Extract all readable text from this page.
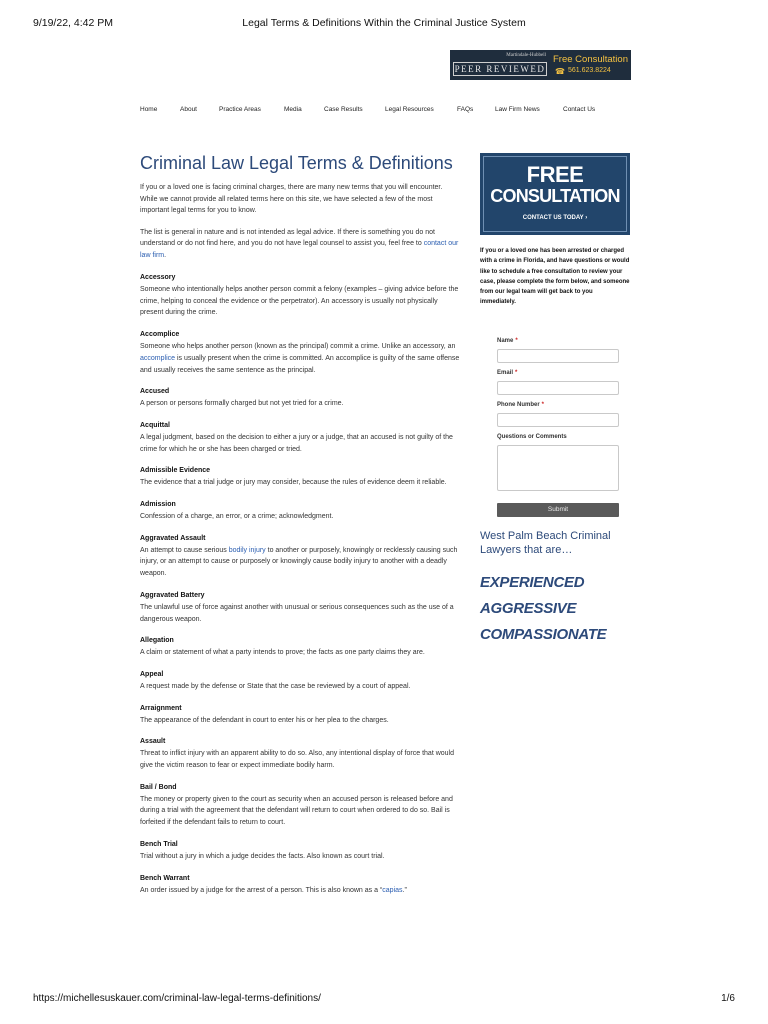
9/19/22, 4:42 PM	Legal Terms & Definitions Within the Criminal Justice System
Martindale-Hubbell
PEER REVIEWED
Free Consultation
☎ 561.623.8224
Home	About	Practice Areas	Media	Case Results	Legal Resources	FAQs	Law Firm News	Contact Us
Criminal Law Legal Terms & Definitions

If you or a loved one is facing criminal charges, there are many new terms that you will encounter. While we cannot provide all related terms here on this site, we have selected a few of the most important legal terms for you to know.

The list is general in nature and is not intended as legal advice. If there is something you do not understand or do not find here, and you do not have legal counsel to assist you, feel free to contact our law firm.

Accessory

Someone who intentionally helps another person commit a felony (examples – giving advice before the crime, helping to conceal the evidence or the perpetrator). An accessory is usually not physically present during the crime.

Accomplice

Someone who helps another person (known as the principal) commit a crime. Unlike an accessory, an accomplice is usually present when the crime is committed. An accomplice is guilty of the same offense and usually receives the same sentence as the principal.

Accused

A person or persons formally charged but not yet tried for a crime.

Acquittal

A legal judgment, based on the decision to either a jury or a judge, that an accused is not guilty of the crime for which he or she has been charged or tried.

Admissible Evidence

The evidence that a trial judge or jury may consider, because the rules of evidence deem it reliable.

Admission

Confession of a charge, an error, or a crime; acknowledgment.

Aggravated Assault

An attempt to cause serious bodily injury to another or purposely, knowingly or recklessly causing such injury, or an attempt to cause or purposely or knowingly cause bodily injury to another with a deadly weapon.

Aggravated Battery

The unlawful use of force against another with unusual or serious consequences such as the use of a dangerous weapon.

Allegation

A claim or statement of what a party intends to prove; the facts as one party claims they are.

Appeal

A request made by the defense or State that the case be reviewed by a court of appeal.

Arraignment

The appearance of the defendant in court to enter his or her plea to the charges.

Assault

Threat to inflict injury with an apparent ability to do so. Also, any intentional display of force that would give the victim reason to fear or expect immediate bodily harm.

Bail / Bond

The money or property given to the court as security when an accused person is released before and during a trial with the agreement that the defendant will return to court when ordered to do so. Bail is forfeited if the defendant fails to return to court.

Bench Trial

Trial without a jury in which a judge decides the facts. Also known as court trial.

Bench Warrant

An order issued by a judge for the arrest of a person. This is also known as a “capias.”

FREE
CONSULTATION
CONTACT US TODAY ›
If you or a loved one has been arrested or charged with a crime in Florida, and have questions or would like to schedule a free consultation to review your case, please complete the form below, and someone from our legal team will get back to you immediately.
Name *
Email *
Phone Number *
Questions or Comments
Submit
West Palm Beach Criminal Lawyers that are…
EXPERIENCED
AGGRESSIVE
COMPASSIONATE
https://michellesuskauer.com/criminal-law-legal-terms-definitions/	1/6
